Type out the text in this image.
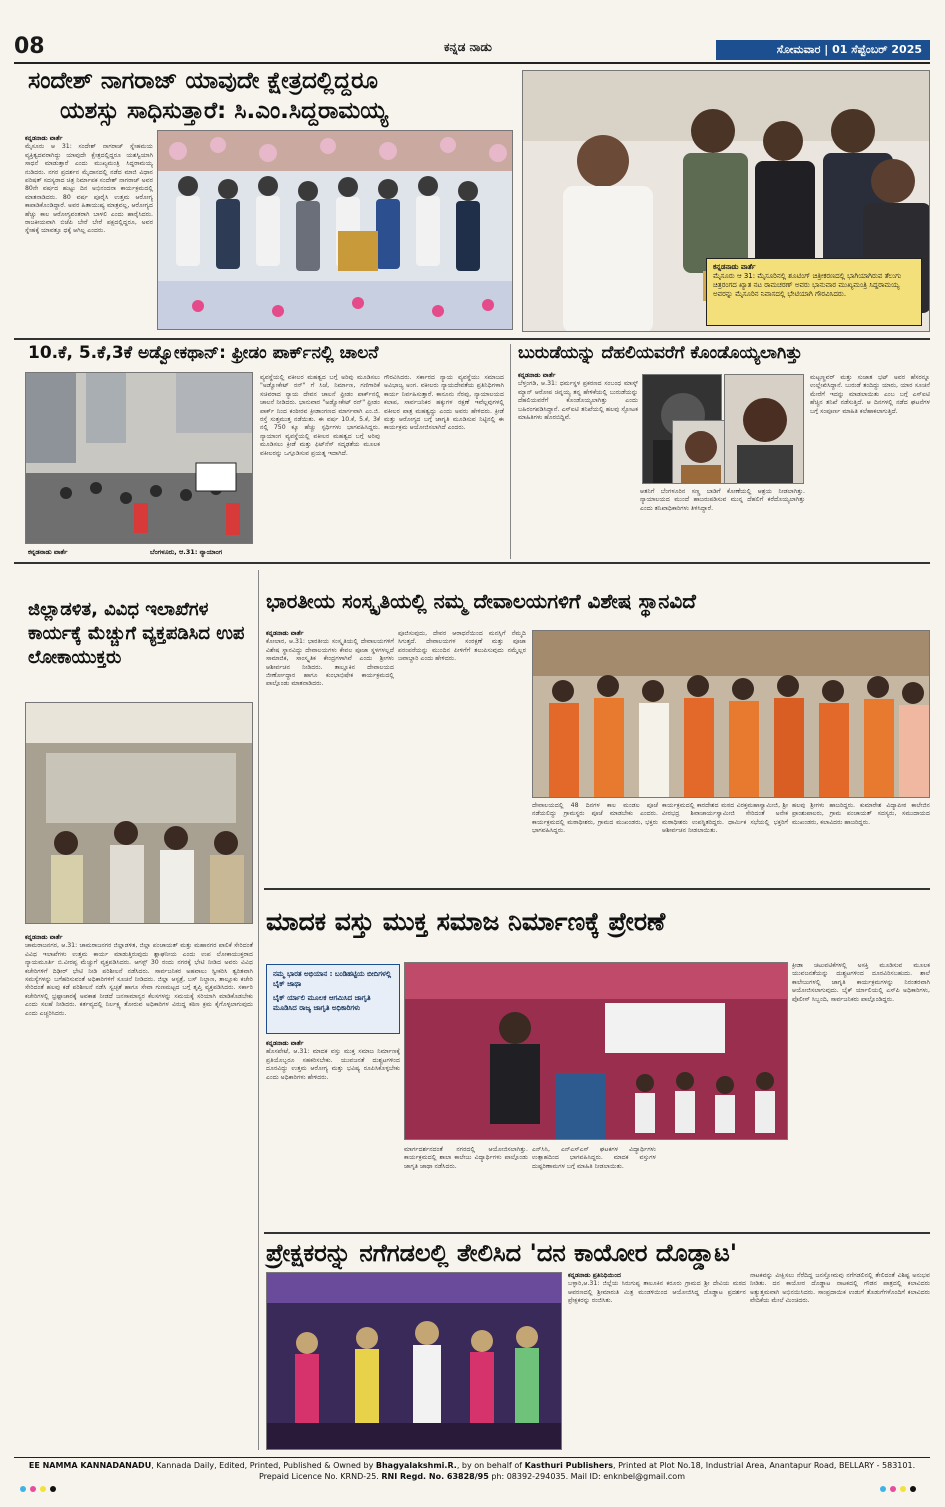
08	ಕನ್ನಡ ನಾಡು	ಸೋಮವಾರ | 01 ಸೆಪ್ಟೆಂಬರ್ 2025
ಸಂದೇಶ್ ನಾಗರಾಜ್ ಯಾವುದೇ ಕ್ಷೇತ್ರದಲ್ಲಿದ್ದರೂ
ಯಶಸ್ಸು ಸಾಧಿಸುತ್ತಾರೆ: ಸಿ.ಎಂ.ಸಿದ್ದರಾಮಯ್ಯ
ಕನ್ನಡನಾಡು ವಾರ್ತೆ

ಮೈಸೂರು ಆ 31: ಸಂದೇಶ್ ನಾಗರಾಜ್ ಸ್ನೇಹಮಯ ವ್ಯಕ್ತಿತ್ವದವರಾಗಿದ್ದು ಯಾವುದೇ ಕ್ಷೇತ್ರದಲ್ಲಿದ್ದರೂ ಯಶಸ್ವಿಯಾಗಿ ಸಾಧನೆ ಮಾಡುತ್ತಾರೆ ಎಂದು ಮುಖ್ಯಮಂತ್ರಿ ಸಿದ್ದರಾಮಯ್ಯ ನುಡಿದರು. ನಗರ ಪ್ರದರ್ಶನ ಮೈದಾನದಲ್ಲಿ ನಡೆದ ಮಾಜಿ ವಿಧಾನ ಪರಿಷತ್ ಸದಸ್ಯರಾದ ಚಿತ್ರ ನಿರ್ಮಾಪಕ ಸಂದೇಶ್ ನಾಗರಾಜ್ ಅವರ 80ನೇ ವರ್ಷದ ಹುಟ್ಟು ದಿನ ಅಭಿನಂದನಾ ಕಾರ್ಯಕ್ರಮದಲ್ಲಿ ಮಾತನಾಡಿದರು. 80 ವರ್ಷ ಪೂರೈಸಿ ಉತ್ತಮ ಆರೋಗ್ಯ ಕಾಪಾಡಿಕೊಂಡಿದ್ದಾರೆ. ಅವರ ಹಿತಾಯುಷ್ಯ ಮಾತ್ರವಲ್ಲ, ಆರೋಗ್ಯದ ಹೆಚ್ಚು ಕಾಲ ಆರೋಗ್ಯವಂತರಾಗಿ ಬಾಳಲಿ ಎಂದು ಹಾರೈಸಿದರು. ರಾಜಕೀಯವಾಗಿ ಬಿಜೆಪಿ ಬೇರೆ ಬೇರೆ ಪಕ್ಷದಲ್ಲಿದ್ದರೂ, ಅವರ ಸ್ನೇಹಕ್ಕೆ ಯಾವತ್ತೂ ಧಕ್ಕೆ ಆಗಿಲ್ಲ ಎಂದರು.

ಕನ್ನಡನಾಡು ವಾರ್ತೆ
ಮೈಸೂರು ಆ 31: ಮೈಸೂರಿನಲ್ಲಿ ಶೂಟಿಂಗ್ ಚಿತ್ರೀಕರಣದಲ್ಲಿ ಭಾಗಿಯಾಗಿರುವ ತೆಲುಗು ಚಿತ್ರರಂಗದ ಖ್ಯಾತ ನಟ ರಾಮಚರಣ್ ಅವರು ಭಾನುವಾರ ಮುಖ್ಯಮಂತ್ರಿ ಸಿದ್ದರಾಮಯ್ಯ ಅವರನ್ನು ಮೈಸೂರಿನ ನಿವಾಸದಲ್ಲಿ ಭೇಟಿಯಾಗಿ ಗೌರವಿಸಿದರು.
10.ಕೆ, 5.ಕೆ,3ಕೆ ಅಡ್ವೋಕಥಾನ್: ಫ್ರೀಡಂ ಪಾರ್ಕ್‌ನಲ್ಲಿ ಚಾಲನೆ
ಕನ್ನಡನಾಡು ವಾರ್ತೆ	ಬೆಂಗಳೂರು, ಆ.31: ನ್ಯಾಯಾಂಗ
ವ್ಯವಸ್ಥೆಯಲ್ಲಿ ವಕೀಲರ ಮಹತ್ವದ ಬಗ್ಗೆ ಅರಿವು ಮೂಡಿಸಲು "ಅಡ್ವೋಕೇಟ್ ರನ್" ಗೆ ಸಿಜೆ, ನಿರ್ಮಾಣ, ಗಣಿಗಾರಿಕೆ ಸಚಿವರಾದ ನ್ಯಾಯ ದೇವನ ಚಾಲನೆ ಫ್ರೀಡಂ ಪಾರ್ಕ್‌ನಲ್ಲಿ ಚಾಲನೆ ನೀಡಿದರು. ಭಾನುವಾರ "ಅಡ್ವೋಕೇಟ್ ರನ್" ಫ್ರೀಡಂ ಪಾರ್ಕ್ ನಿಂದ ಕಂಠೀರವ ಕ್ರೀಡಾಂಗಣದ ಮಾರ್ಗವಾಗಿ ಎಂ.ಜಿ. ರಸ್ತೆ ಸುತ್ತಮುತ್ತ ನಡೆಯಿತು. ಈ ವರ್ಷ 10.ಕೆ, 5.ಕೆ, 3ಕೆ ನಲ್ಲಿ 750 ಕ್ಕೂ ಹೆಚ್ಚು ಸ್ಪರ್ಧಿಗಳು ಭಾಗವಹಿಸಿದ್ದರು. ನ್ಯಾಯಾಂಗ ವ್ಯವಸ್ಥೆಯಲ್ಲಿ ವಕೀಲರ ಮಹತ್ವದ ಬಗ್ಗೆ ಅರಿವು ಮೂಡಿಸಲು ಕ್ರೀಡೆ ಮತ್ತು ಫಿಟ್‌ನೆಸ್ ಸದೃಢತೆಯ ಮೂಲಕ ವಕೀಲರನ್ನು ಒಗ್ಗೂಡಿಸುವ ಪ್ರಯತ್ನ ಇದಾಗಿದೆ.
ಗೌರವಿಸಿದರು. ಸರ್ಕಾರದ ನ್ಯಾಯ ವ್ಯವಸ್ಥೆಯು ಸಮಾಜದ ಅವಿಭಾಜ್ಯ ಅಂಗ. ವಕೀಲರು ನ್ಯಾಯದೇವತೆಯ ಪ್ರತಿನಿಧಿಗಳಾಗಿ ಕಾರ್ಯ ನಿರ್ವಹಿಸುತ್ತಾರೆ. ಕಾನೂನು ನೆರವು, ನ್ಯಾಯಾಲಯದ ಕಲಾಪ, ಸಾರ್ವಜನಿಕರ ಹಕ್ಕುಗಳ ರಕ್ಷಣೆ ಇವೆಲ್ಲವುಗಳಲ್ಲಿ ವಕೀಲರ ಪಾತ್ರ ಮಹತ್ವದ್ದು ಎಂದು ಅವರು ಹೇಳಿದರು. ಕ್ರೀಡೆ ಮತ್ತು ಆರೋಗ್ಯದ ಬಗ್ಗೆ ಜಾಗೃತಿ ಮೂಡಿಸುವ ನಿಟ್ಟಿನಲ್ಲಿ ಈ ಕಾರ್ಯಕ್ರಮ ಆಯೋಜಿಸಲಾಗಿದೆ ಎಂದರು.
ಬುರುಡೆಯನ್ನು ದೆಹಲಿಯವರೆಗೆ ಕೊಂಡೊಯ್ಯಲಾಗಿತ್ತು
ಕನ್ನಡನಾಡು ವಾರ್ತೆ

ಬೆಳ್ತಂಗಡಿ, ಆ.31: ಧರ್ಮಸ್ಥಳ ಪ್ರಕರಣದ ಸಂಬಂಧ ಮಾಸ್ಕ್ ಮ್ಯಾನ್ ಆರೋಪ ಚಿನ್ನಯ್ಯ ತನ್ನ ಹೇಳಿಕೆಯಲ್ಲಿ ಬುರುಡೆಯನ್ನು ದೆಹಲಿಯವರೆಗೆ ಕೊಂಡೊಯ್ಯಲಾಗಿತ್ತು ಎಂದು ಬಹಿರಂಗಪಡಿಸಿದ್ದಾನೆ. ಎಸ್‌ಐಟಿ ತನಿಖೆಯಲ್ಲಿ ಹಲವು ಸ್ಫೋಟಕ ಮಾಹಿತಿಗಳು ಹೊರಬಿದ್ದಿವೆ.

ಆತನಿಗೆ ಬೆಂಗಳೂರಿನ ಸಣ್ಣ ಬಾಡಿಗೆ ಕೋಣೆಯಲ್ಲಿ ಆಶ್ರಯ ನೀಡಲಾಗಿತ್ತು. ನ್ಯಾಯಾಲಯದ ಮುಂದೆ ಹಾಜರುಪಡಿಸುವ ಮುನ್ನ ದೆಹಲಿಗೆ ಕರೆದೊಯ್ಯಲಾಗಿತ್ತು ಎಂದು ತನಿಖಾಧಿಕಾರಿಗಳು ತಿಳಿಸಿದ್ದಾರೆ.
ಮಟ್ಟಣ್ಣವರ್ ಮತ್ತು ಸುಜಾತ ಭಟ್ ಅವರ ಹೆಸರನ್ನೂ ಉಲ್ಲೇಖಿಸಿದ್ದಾನೆ. ಬುರುಡೆ ತಂದಿದ್ದು ಯಾರು, ಯಾರ ಸೂಚನೆ ಮೇರೆಗೆ ಇದನ್ನು ಮಾಡಲಾಯಿತು ಎಂಬ ಬಗ್ಗೆ ಎಸ್‌ಐಟಿ ಹೆಚ್ಚಿನ ತನಿಖೆ ನಡೆಸುತ್ತಿದೆ. ಆ ದಿನಗಳಲ್ಲಿ ನಡೆದ ಘಟನೆಗಳ ಬಗ್ಗೆ ಸಂಪೂರ್ಣ ಮಾಹಿತಿ ಕಲೆಹಾಕಲಾಗುತ್ತಿದೆ.
ಜಿಲ್ಲಾಡಳಿತ, ವಿವಿಧ ಇಲಾಖೆಗಳ ಕಾರ್ಯಕ್ಕೆ ಮೆಚ್ಚುಗೆ ವ್ಯಕ್ತಪಡಿಸಿದ ಉಪ ಲೋಕಾಯುಕ್ತರು
ಕನ್ನಡನಾಡು ವಾರ್ತೆ

ಚಾಮರಾಜನಗರ, ಆ.31: ಚಾಮರಾಜನಗರ ಜಿಲ್ಲಾಡಳಿತ, ಜಿಲ್ಲಾ ಪಂಚಾಯತ್ ಮತ್ತು ಮಹಾನಗರ ಪಾಲಿಕೆ ಸೇರಿದಂತೆ ವಿವಿಧ ಇಲಾಖೆಗಳು ಉತ್ತಮ ಕಾರ್ಯ ಮಾಡುತ್ತಿರುವುದು ಶ್ಲಾಘನೀಯ ಎಂದು ಉಪ ಲೋಕಾಯುಕ್ತರಾದ ನ್ಯಾಯಮೂರ್ತಿ ಬಿ.ವೀರಪ್ಪ ಮೆಚ್ಚುಗೆ ವ್ಯಕ್ತಪಡಿಸಿದರು. ಆಗಸ್ಟ್ 30 ರಂದು ನಗರಕ್ಕೆ ಭೇಟಿ ನೀಡಿದ ಅವರು ವಿವಿಧ ಕಚೇರಿಗಳಿಗೆ ದಿಢೀರ್ ಭೇಟಿ ನೀಡಿ ಪರಿಶೀಲನೆ ನಡೆಸಿದರು. ಸಾರ್ವಜನಿಕರ ಅಹವಾಲು ಸ್ವೀಕರಿಸಿ ತ್ವರಿತವಾಗಿ ಸಮಸ್ಯೆಗಳನ್ನು ಬಗೆಹರಿಸುವಂತೆ ಅಧಿಕಾರಿಗಳಿಗೆ ಸೂಚನೆ ನೀಡಿದರು. ಜಿಲ್ಲಾ ಆಸ್ಪತ್ರೆ, ಬಸ್ ನಿಲ್ದಾಣ, ತಾಲ್ಲೂಕು ಕಚೇರಿ ಸೇರಿದಂತೆ ಹಲವು ಕಡೆ ಪರಿಶೀಲನೆ ನಡೆಸಿ ಸ್ವಚ್ಛತೆ ಹಾಗೂ ಸೇವಾ ಗುಣಮಟ್ಟದ ಬಗ್ಗೆ ತೃಪ್ತಿ ವ್ಯಕ್ತಪಡಿಸಿದರು. ಸರ್ಕಾರಿ ಕಚೇರಿಗಳಲ್ಲಿ ಭ್ರಷ್ಟಾಚಾರಕ್ಕೆ ಅವಕಾಶ ನೀಡದೆ ಜನಸಾಮಾನ್ಯರ ಕೆಲಸಗಳನ್ನು ಸಮಯಕ್ಕೆ ಸರಿಯಾಗಿ ಮಾಡಿಕೊಡಬೇಕು ಎಂದು ಸಲಹೆ ನೀಡಿದರು. ಕರ್ತವ್ಯದಲ್ಲಿ ನಿರ್ಲಕ್ಷ್ಯ ತೋರುವ ಅಧಿಕಾರಿಗಳ ವಿರುದ್ಧ ಕಠಿಣ ಕ್ರಮ ಕೈಗೊಳ್ಳಲಾಗುವುದು ಎಂದು ಎಚ್ಚರಿಸಿದರು.

ಭಾರತೀಯ ಸಂಸ್ಕೃತಿಯಲ್ಲಿ ನಮ್ಮ ದೇವಾಲಯಗಳಿಗೆ ವಿಶೇಷ ಸ್ಥಾನವಿದೆ
ಕನ್ನಡನಾಡು ವಾರ್ತೆ

ಕೋಲಾರ, ಆ.31: ಭಾರತೀಯ ಸಂಸ್ಕೃತಿಯಲ್ಲಿ ದೇವಾಲಯಗಳಿಗೆ ವಿಶೇಷ ಸ್ಥಾನವಿದ್ದು ದೇವಾಲಯಗಳು ಕೇವಲ ಪೂಜಾ ಸ್ಥಳಗಳಲ್ಲದೆ ಸಾಮಾಜಿಕ, ಸಾಂಸ್ಕೃತಿಕ ಕೇಂದ್ರಗಳಾಗಿವೆ ಎಂದು ಶ್ರೀಗಳು ಆಶೀರ್ವಚನ ನೀಡಿದರು. ತಾಲ್ಲೂಕಿನ ದೇವಾಲಯದ ಜೀರ್ಣೋದ್ಧಾರ ಹಾಗೂ ಕುಂಭಾಭಿಷೇಕ ಕಾರ್ಯಕ್ರಮದಲ್ಲಿ ಪಾಲ್ಗೊಂಡು ಮಾತನಾಡಿದರು.

ಪೂಜಿಸುವುದು, ದೇವರ ಆರಾಧನೆಯಿಂದ ಮನಸ್ಸಿಗೆ ನೆಮ್ಮದಿ ಸಿಗುತ್ತದೆ. ದೇವಾಲಯಗಳ ಸಂರಕ್ಷಣೆ ಮತ್ತು ಪೂಜಾ ಪರಂಪರೆಯನ್ನು ಮುಂದಿನ ಪೀಳಿಗೆಗೆ ತಲುಪಿಸುವುದು ನಮ್ಮೆಲ್ಲರ ಜವಾಬ್ದಾರಿ ಎಂದು ಹೇಳಿದರು.
ದೇವಾಲಯದಲ್ಲಿ 48 ದಿನಗಳ ಕಾಲ ಮಂಡಲ ಪೂಜೆ ನಡೆಯಲಿದ್ದು ಗ್ರಾಮಸ್ಥರು ಪೂಜೆ ಮಾಡಬೇಕು ಎಂದರು. ಕಾರ್ಯಕ್ರಮದಲ್ಲಿ ಮಠಾಧೀಶರು, ಗ್ರಾಮದ ಮುಖಂಡರು, ಭಕ್ತರು ಭಾಗವಹಿಸಿದ್ದರು.
ಕಾರ್ಯಕ್ರಮದಲ್ಲಿ ಕಾರದೇಶದ ಮಠದ ವಿರಕ್ತಮಹಾಸ್ವಾಮೀಜಿ, ಶ್ರೀ ವೀರಭದ್ರ ಶಿವಾಚಾರ್ಯಸ್ವಾಮೀಜಿ ಸೇರಿದಂತೆ ಅನೇಕ ಮಠಾಧೀಶರು ಉಪಸ್ಥಿತರಿದ್ದರು. ಧಾರ್ಮಿಕ ಸಭೆಯಲ್ಲಿ ಭಕ್ತರಿಗೆ ಆಶೀರ್ವಚನ ನೀಡಲಾಯಿತು.
ಹಲವು ಶ್ರೀಗಳು ಹಾಜರಿದ್ದರು. ಕುಮಾರೇಶ ವಿದ್ಯಾಪೀಠ ಕಾಲೇಜಿನ ಪ್ರಾಂಶುಪಾಲರು, ಗ್ರಾಮ ಪಂಚಾಯತ್ ಸದಸ್ಯರು, ಸಮುದಾಯದ ಮುಖಂಡರು, ಕಲಾವಿದರು ಹಾಜರಿದ್ದರು.
ಮಾದಕ ವಸ್ತು ಮುಕ್ತ ಸಮಾಜ ನಿರ್ಮಾಣಕ್ಕೆ ಪ್ರೇರಣೆ
ನಮ್ಮ ಭಾರತ ಅಭಿಯಾನ : ಬಂಡಿಹಟ್ಟಿಯ ಬೀದಿಗಳಲ್ಲಿ ಬೈಕ್ ಜಾಥಾ
ಬೈಕ್ ರ್ಯಾಲಿ ಮೂಲಕ ಆಗಮಿಸಿದ ಜಾಗೃತಿ ಮೂಡಿಸಿದ ರಾಜ್ಯ ಜಾಗೃತಿ ಅಧಿಕಾರಿಗಳು
ಕನ್ನಡನಾಡು ವಾರ್ತೆ

ಹೊಸಪೇಟೆ, ಆ.31: ಮಾದಕ ವಸ್ತು ಮುಕ್ತ ಸಮಾಜ ನಿರ್ಮಾಣಕ್ಕೆ ಪ್ರತಿಯೊಬ್ಬರೂ ಸಹಕರಿಸಬೇಕು. ಯುವಜನತೆ ದುಶ್ಚಟಗಳಿಂದ ದೂರವಿದ್ದು ಉತ್ತಮ ಆರೋಗ್ಯ ಮತ್ತು ಭವಿಷ್ಯ ರೂಪಿಸಿಕೊಳ್ಳಬೇಕು ಎಂದು ಅಧಿಕಾರಿಗಳು ಹೇಳಿದರು.

ಮಾರ್ಗದರ್ಶನದಂತೆ ನಗರದಲ್ಲಿ ಆಯೋಜಿಸಲಾಗಿತ್ತು. ಕಾರ್ಯಕ್ರಮದಲ್ಲಿ ಶಾಲಾ ಕಾಲೇಜು ವಿದ್ಯಾರ್ಥಿಗಳು ಪಾಲ್ಗೊಂಡು ಜಾಗೃತಿ ಜಾಥಾ ನಡೆಸಿದರು.
ಎನ್‌ಸಿಸಿ, ಎನ್‌ಎಸ್‌ಎಸ್ ಘಟಕಗಳ ವಿದ್ಯಾರ್ಥಿಗಳು ಉತ್ಸಾಹದಿಂದ ಭಾಗವಹಿಸಿದ್ದರು. ಮಾದಕ ವಸ್ತುಗಳ ದುಷ್ಪರಿಣಾಮಗಳ ಬಗ್ಗೆ ಮಾಹಿತಿ ನೀಡಲಾಯಿತು.
ಕ್ರೀಡಾ ಚಟುವಟಿಕೆಗಳಲ್ಲಿ ಅಸಕ್ತಿ ಮೂಡಿಸುವ ಮೂಲಕ ಯುವಜನತೆಯನ್ನು ದುಶ್ಚಟಗಳಿಂದ ದೂರವಿರಿಸಬಹುದು. ಶಾಲೆ ಕಾಲೇಜುಗಳಲ್ಲಿ ಜಾಗೃತಿ ಕಾರ್ಯಕ್ರಮಗಳನ್ನು ನಿರಂತರವಾಗಿ ಆಯೋಜಿಸಲಾಗುವುದು. ಬೈಕ್ ರ್ಯಾಲಿಯಲ್ಲಿ ಎಸ್‌ಪಿ ಅಧಿಕಾರಿಗಳು, ಪೊಲೀಸ್ ಸಿಬ್ಬಂದಿ, ಸಾರ್ವಜನಿಕರು ಪಾಲ್ಗೊಂಡಿದ್ದರು.
ಪ್ರೇಕ್ಷಕರನ್ನು ನಗೆಗಡಲಲ್ಲಿ ತೇಲಿಸಿದ 'ದನ ಕಾಯೋರ ದೊಡ್ಡಾಟ'
ಕನ್ನಡನಾಡು ಪ್ರತಿನಿಧಿಯಿಂದ

ಬಳ್ಳಾರಿ,ಆ.31: ಜಿಲ್ಲೆಯ ಸಿರುಗುಪ್ಪ ತಾಲೂಕಿನ ಕರೂರು ಗ್ರಾಮದ ಶ್ರೀ ದೇವಿಯ ಮಠದ ಆವರಣದಲ್ಲಿ ಶ್ರೀಮಾರುತಿ ಮಿತ್ರ ಮಂಡಳಿಯಿಂದ ಆಯೋಜಿಸಿದ್ದ ದೊಡ್ಡಾಟ ಪ್ರದರ್ಶನ ಪ್ರೇಕ್ಷಕರನ್ನು ರಂಜಿಸಿತು.

ನಾಟಕವನ್ನು ವೀಕ್ಷಿಸಲು ನೆರೆದಿದ್ದ ಜನಸ್ತೋಮವು ನಗೆಗಡಲಿನಲ್ಲಿ ತೇಲಿದಂತೆ ವಿಶಿಷ್ಟ ಅನುಭವ ನೀಡಿತು. ದನ ಕಾಯೋರ ದೊಡ್ಡಾಟ ನಾಟಕದಲ್ಲಿ ಗೌಡನ ಪಾತ್ರದಲ್ಲಿ ಕಲಾವಿದರು ಅತ್ಯುತ್ತಮವಾಗಿ ಅಭಿನಯಿಸಿದರು. ಸಾಂಪ್ರದಾಯಿಕ ಉಡುಗೆ ತೊಡುಗೆಗಳೊಂದಿಗೆ ಕಲಾವಿದರು ವೇದಿಕೆಯ ಮೇಲೆ ಮಿಂಚಿದರು.
EE NAMMA KANNADANADU, Kannada Daily, Edited, Printed, Published & Owned by Bhagyalakshmi.R., by on behalf of Kasthuri Publishers, Printed at Plot No.18, Industrial Area, Anantapur Road, BELLARY - 583101.
Prepaid Licence No. KRND-25. RNI Regd. No. 63828/95 ph: 08392-294035. Mail ID: enknbel@gmail.com
